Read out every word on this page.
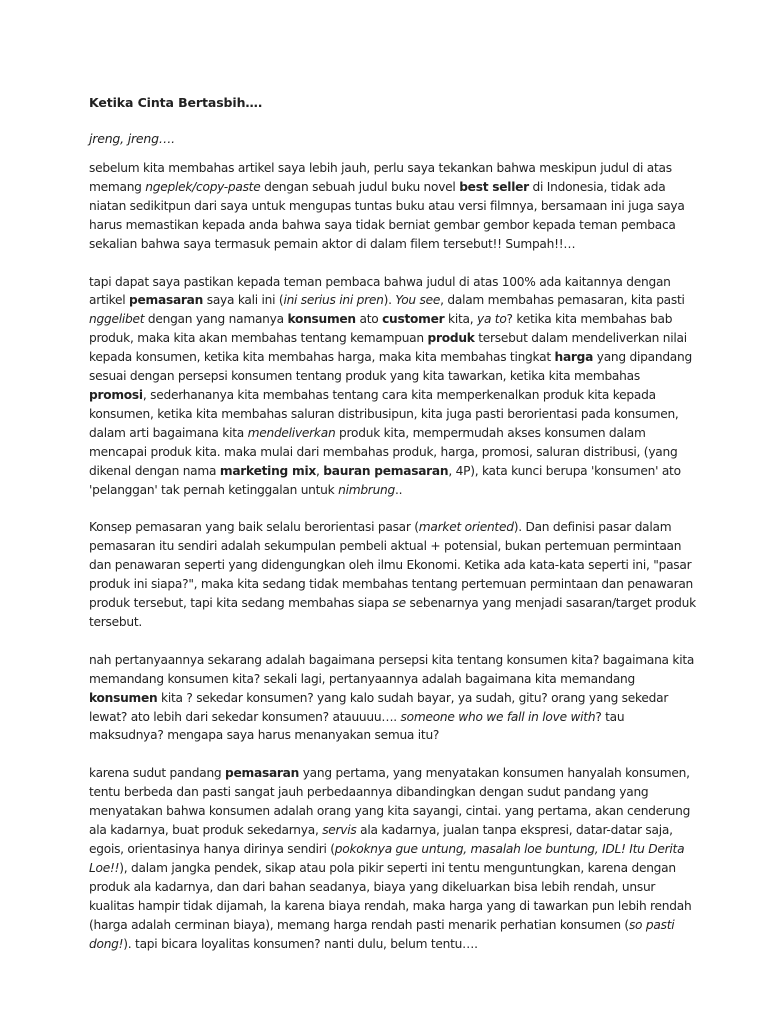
Ketika Cinta Bertasbih….
jreng, jreng….

sebelum kita membahas artikel saya lebih jauh, perlu saya tekankan bahwa meskipun judul di atas memang ngeplek/copy-paste dengan sebuah judul buku novel best seller di Indonesia, tidak ada niatan sedikitpun dari saya untuk mengupas tuntas buku atau versi filmnya, bersamaan ini juga saya harus memastikan kepada anda bahwa saya tidak berniat gembar gembor kepada teman pembaca sekalian bahwa saya termasuk pemain aktor di dalam filem tersebut!! Sumpah!!…

tapi dapat saya pastikan kepada teman pembaca bahwa judul di atas 100% ada kaitannya dengan artikel pemasaran saya kali ini (ini serius ini pren). You see, dalam membahas pemasaran, kita pasti nggelibet dengan yang namanya konsumen ato customer kita, ya to? ketika kita membahas bab produk, maka kita akan membahas tentang kemampuan produk tersebut dalam mendeliverkan nilai kepada konsumen, ketika kita membahas harga, maka kita membahas tingkat harga yang dipandang sesuai dengan persepsi konsumen tentang produk yang kita tawarkan, ketika kita membahas promosi, sederhananya kita membahas tentang cara kita memperkenalkan produk kita kepada konsumen, ketika kita membahas saluran distribusipun, kita juga pasti berorientasi pada konsumen, dalam arti bagaimana kita mendeliverkan produk kita, mempermudah akses konsumen dalam mencapai produk kita. maka mulai dari membahas produk, harga, promosi, saluran distribusi, (yang dikenal dengan nama marketing mix, bauran pemasaran, 4P), kata kunci berupa 'konsumen' ato 'pelanggan' tak pernah ketinggalan untuk nimbrung..

Konsep pemasaran yang baik selalu berorientasi pasar (market oriented). Dan definisi pasar dalam pemasaran itu sendiri adalah sekumpulan pembeli aktual + potensial, bukan pertemuan permintaan dan penawaran seperti yang didengungkan oleh ilmu Ekonomi. Ketika ada kata-kata seperti ini, "pasar produk ini siapa?", maka kita sedang tidak membahas tentang pertemuan permintaan dan penawaran produk tersebut, tapi kita sedang membahas siapa se sebenarnya yang menjadi sasaran/target produk tersebut.

nah pertanyaannya sekarang adalah bagaimana persepsi kita tentang konsumen kita? bagaimana kita memandang konsumen kita? sekali lagi, pertanyaannya adalah bagaimana kita memandang konsumen kita ? sekedar konsumen? yang kalo sudah bayar, ya sudah, gitu? orang yang sekedar lewat? ato lebih dari sekedar konsumen? atauuuu…. someone who we fall in love with? tau maksudnya? mengapa saya harus menanyakan semua itu?

karena sudut pandang pemasaran yang pertama, yang menyatakan konsumen hanyalah konsumen, tentu berbeda dan pasti sangat jauh perbedaannya dibandingkan dengan sudut pandang yang menyatakan bahwa konsumen adalah orang yang kita sayangi, cintai. yang pertama, akan cenderung ala kadarnya, buat produk sekedarnya, servis ala kadarnya, jualan tanpa ekspresi, datar-datar saja, egois, orientasinya hanya dirinya sendiri (pokoknya gue untung, masalah loe buntung, IDL! Itu Derita Loe!!), dalam jangka pendek, sikap atau pola pikir seperti ini tentu menguntungkan, karena dengan produk ala kadarnya, dan dari bahan seadanya, biaya yang dikeluarkan bisa lebih rendah, unsur kualitas hampir tidak dijamah, la karena biaya rendah, maka harga yang di tawarkan pun lebih rendah (harga adalah cerminan biaya), memang harga rendah pasti menarik perhatian konsumen (so pasti dong!). tapi bicara loyalitas konsumen? nanti dulu, belum tentu….
